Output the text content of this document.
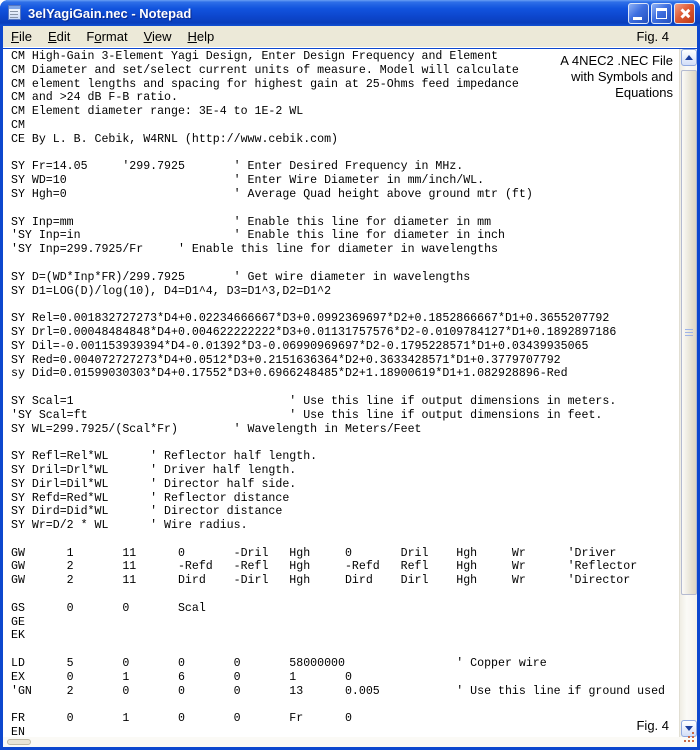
3elYagiGain.nec - Notepad
File	Edit	Format	View	Help	Fig. 4
CM High-Gain 3-Element Yagi Design, Enter Design Frequency and Element
CM Diameter and set/select current units of measure. Model will calculate
CM element lengths and spacing for highest gain at 25-Ohms feed impedance
CM and >24 dB F-B ratio.
CM Element diameter range: 3E-4 to 1E-2 WL
CM
CE By L. B. Cebik, W4RNL (http://www.cebik.com)
SY Fr=14.05     '299.7925       ' Enter Desired Frequency in MHz.
SY WD=10                        ' Enter Wire Diameter in mm/inch/WL.
SY Hgh=0                        ' Average Quad height above ground mtr (ft)
SY Inp=mm                       ' Enable this line for diameter in mm
'SY Inp=in                      ' Enable this line for diameter in inch
'SY Inp=299.7925/Fr     ' Enable this line for diameter in wavelengths
SY D=(WD*Inp*FR)/299.7925       ' Get wire diameter in wavelengths
SY D1=LOG(D)/log(10), D4=D1^4, D3=D1^3,D2=D1^2
SY Rel=0.001832727273*D4+0.02234666667*D3+0.0992369697*D2+0.1852866667*D1+0.3655207792
SY Drl=0.00048484848*D4+0.004622222222*D3+0.01131757576*D2-0.0109784127*D1+0.1892897186
SY Dil=-0.001153939394*D4-0.01392*D3-0.06990969697*D2-0.1795228571*D1+0.03439935065
SY Red=0.004072727273*D4+0.0512*D3+0.2151636364*D2+0.3633428571*D1+0.3779707792
sy Did=0.01599030303*D4+0.17552*D3+0.6966248485*D2+1.18900619*D1+1.082928896-Red
SY Scal=1                               ' Use this line if output dimensions in meters.
'SY Scal=ft                             ' Use this line if output dimensions in feet.
SY WL=299.7925/(Scal*Fr)        ' Wavelength in Meters/Feet
SY Refl=Rel*WL      ' Reflector half length.
SY Dril=Drl*WL      ' Driver half length.
SY Dirl=Dil*WL      ' Director half side.
SY Refd=Red*WL      ' Reflector distance
SY Dird=Did*WL      ' Director distance
SY Wr=D/2 * WL      ' Wire radius.
GW      1       11      0       -Dril   Hgh     0       Dril    Hgh     Wr      'Driver
GW      2       11      -Refd   -Refl   Hgh     -Refd   Refl    Hgh     Wr      'Reflector
GW      2       11      Dird    -Dirl   Hgh     Dird    Dirl    Hgh     Wr      'Director
GS      0       0       Scal
GE
EK
LD      5       0       0       0       58000000                ' Copper wire
EX      0       1       6       0       1       0
'GN     2       0       0       0       13      0.005           ' Use this line if ground used
FR      0       1       0       0       Fr      0
EN
A 4NEC2 .NEC File
with Symbols and
Equations
Fig. 4
